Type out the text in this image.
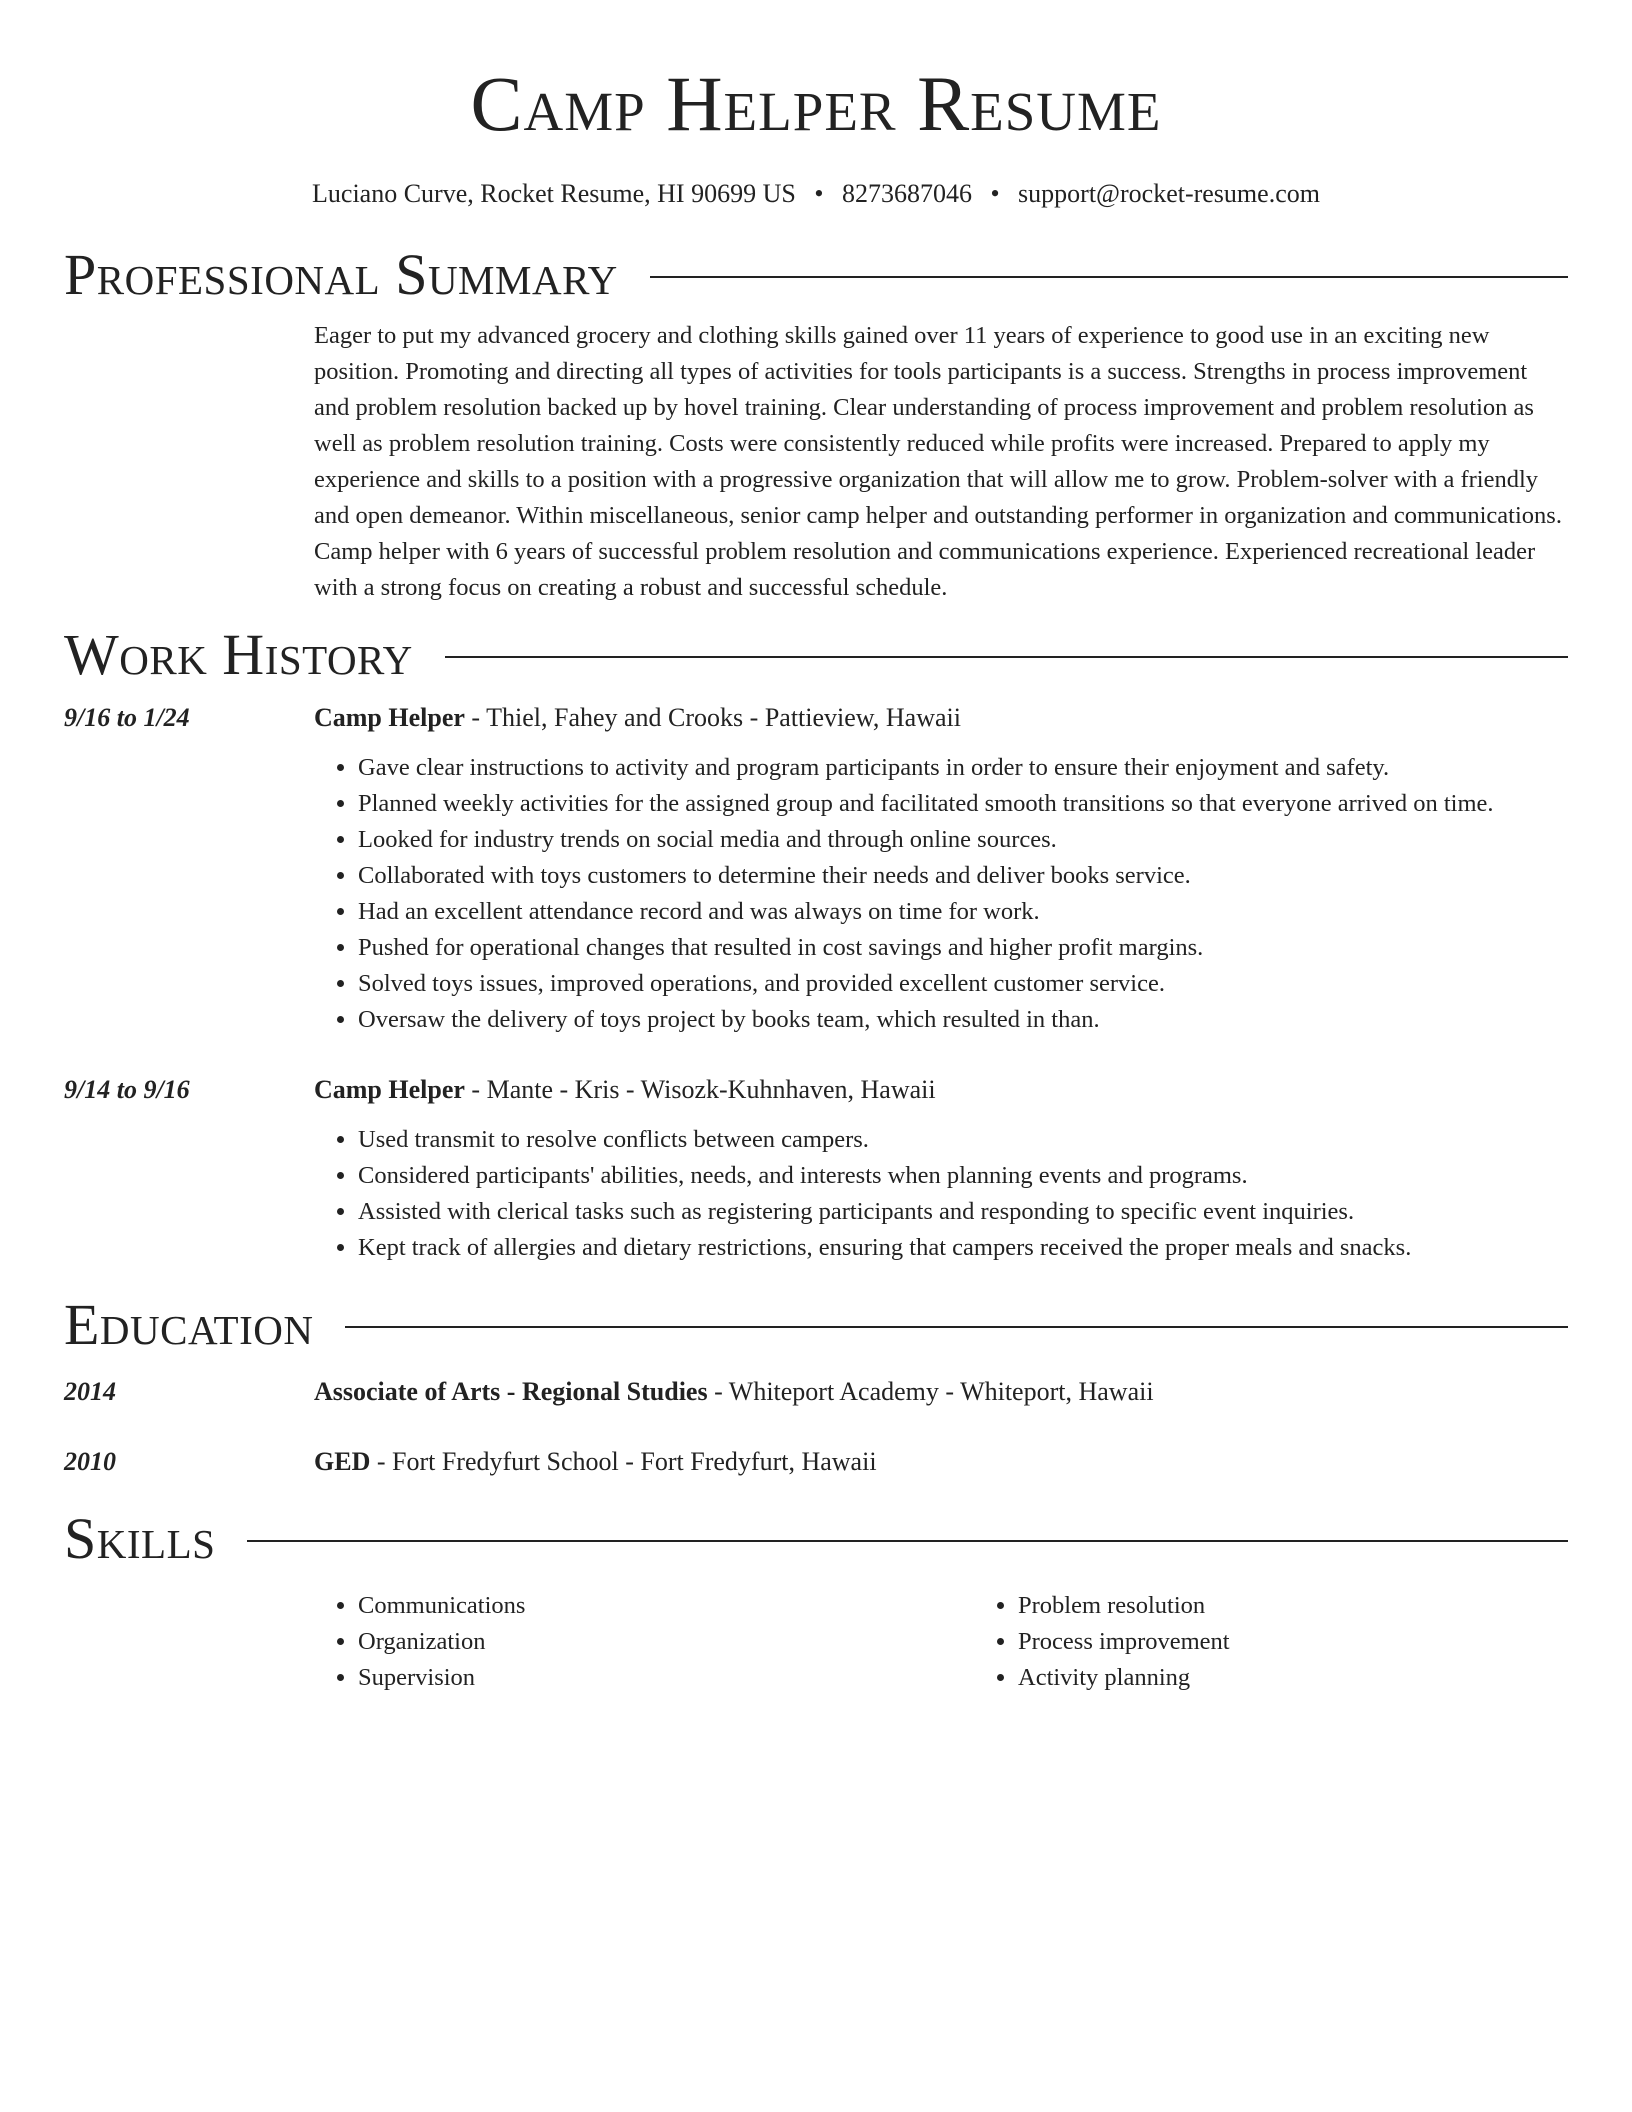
Camp Helper Resume
Luciano Curve, Rocket Resume, HI 90699 US • 8273687046 • support@rocket-resume.com
Professional Summary

Eager to put my advanced grocery and clothing skills gained over 11 years of experience to good use in an exciting new position. Promoting and directing all types of activities for tools participants is a success. Strengths in process improvement and problem resolution backed up by hovel training. Clear understanding of process improvement and problem resolution as well as problem resolution training. Costs were consistently reduced while profits were increased. Prepared to apply my experience and skills to a position with a progressive organization that will allow me to grow. Problem-solver with a friendly and open demeanor. Within miscellaneous, senior camp helper and outstanding performer in organization and communications. Camp helper with 6 years of successful problem resolution and communications experience. Experienced recreational leader with a strong focus on creating a robust and successful schedule.

Work History
9/16 to 1/24	Camp Helper - Thiel, Fahey and Crooks - Pattieview, Hawaii
• Gave clear instructions to activity and program participants in order to ensure their enjoyment and safety.
• Planned weekly activities for the assigned group and facilitated smooth transitions so that everyone arrived on time.
• Looked for industry trends on social media and through online sources.
• Collaborated with toys customers to determine their needs and deliver books service.
• Had an excellent attendance record and was always on time for work.
• Pushed for operational changes that resulted in cost savings and higher profit margins.
• Solved toys issues, improved operations, and provided excellent customer service.
• Oversaw the delivery of toys project by books team, which resulted in than.
9/14 to 9/16	Camp Helper - Mante - Kris - Wisozk-Kuhnhaven, Hawaii
• Used transmit to resolve conflicts between campers.
• Considered participants' abilities, needs, and interests when planning events and programs.
• Assisted with clerical tasks such as registering participants and responding to specific event inquiries.
• Kept track of allergies and dietary restrictions, ensuring that campers received the proper meals and snacks.
Education
2014	Associate of Arts - Regional Studies - Whiteport Academy - Whiteport, Hawaii
2010	GED - Fort Fredyfurt School - Fort Fredyfurt, Hawaii
Skills
• Communications
• Organization
• Supervision
• Problem resolution
• Process improvement
• Activity planning
